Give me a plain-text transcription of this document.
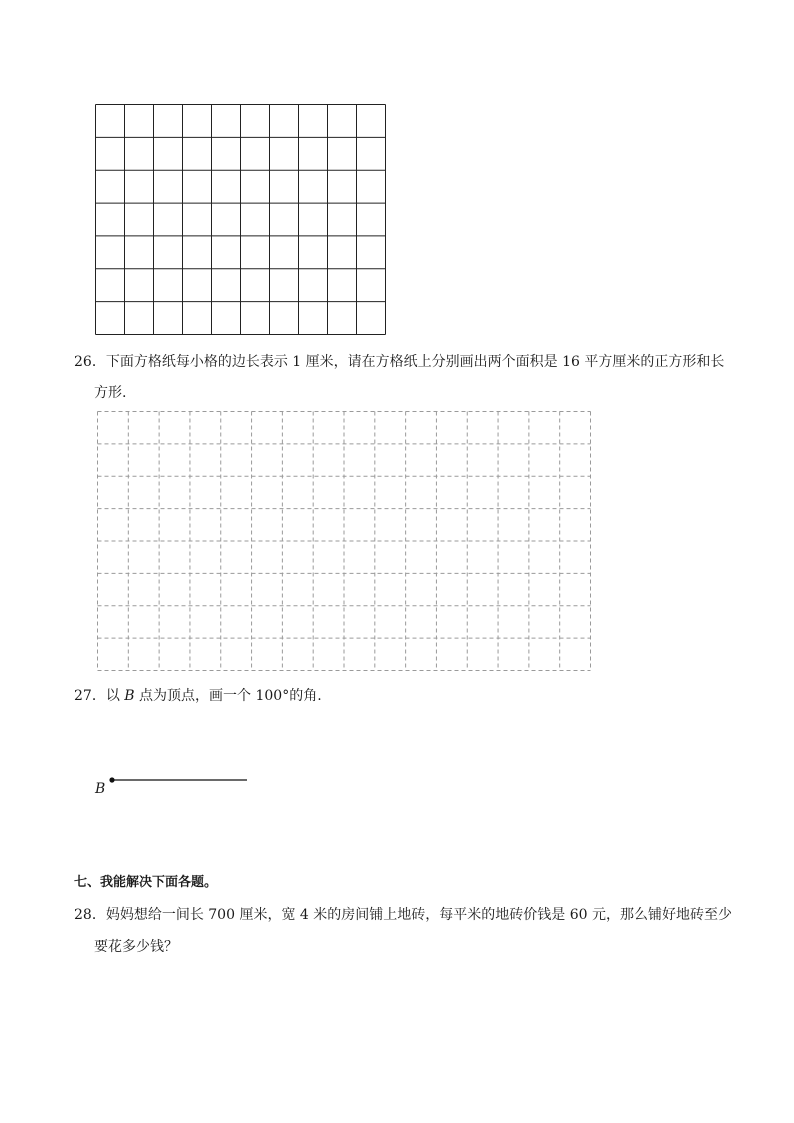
26．下面方格纸每小格的边长表示 1 厘米，请在方格纸上分别画出两个面积是 16 平方厘米的正方形和长
方形.
27．以 B 点为顶点，画一个 100°的角.
B
七、我能解决下面各题。
28．妈妈想给一间长 700 厘米，宽 4 米的房间铺上地砖，每平米的地砖价钱是 60 元，那么铺好地砖至少
要花多少钱？
